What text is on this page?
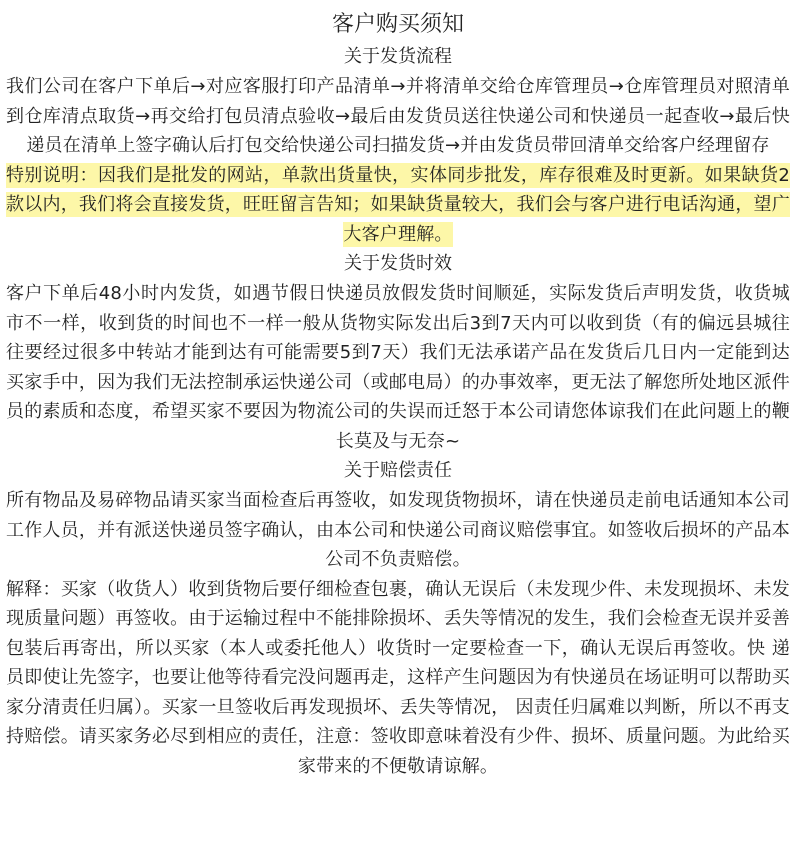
客户购买须知
关于发货流程

我们公司在客户下单后→对应客服打印产品清单→并将清单交给仓库管理员→仓库管理员对照清单到仓库清点取货→再交给打包员清点验收→最后由发货员送往快递公司和快递员一起查收→最后快递员在清单上签字确认后打包交给快递公司扫描发货→并由发货员带回清单交给客户经理留存

特别说明：因我们是批发的网站，单款出货量快，实体同步批发，库存很难及时更新。如果缺货2款以内，我们将会直接发货，旺旺留言告知；如果缺货量较大，我们会与客户进行电话沟通，望广大客户理解。

关于发货时效

客户下单后48小时内发货，如遇节假日快递员放假发货时间顺延，实际发货后声明发货，收货城市不一样，收到货的时间也不一样一般从货物实际发出后3到7天内可以收到货（有的偏远县城往往要经过很多中转站才能到达有可能需要5到7天）我们无法承诺产品在发货后几日内一定能到达买家手中，因为我们无法控制承运快递公司（或邮电局）的办事效率，更无法了解您所处地区派件员的素质和态度，希望买家不要因为物流公司的失误而迁怒于本公司请您体谅我们在此问题上的鞭长莫及与无奈~

关于赔偿责任

所有物品及易碎物品请买家当面检查后再签收，如发现货物损坏，请在快递员走前电话通知本公司工作人员，并有派送快递员签字确认，由本公司和快递公司商议赔偿事宜。如签收后损坏的产品本公司不负责赔偿。

解释：买家（收货人）收到货物后要仔细检查包裹，确认无误后（未发现少件、未发现损坏、未发现质量问题）再签收。由于运输过程中不能排除损坏、丢失等情况的发生，我们会检查无误并妥善包装后再寄出，所以买家（本人或委托他人）收货时一定要检查一下，确认无误后再签收。快 递员即使让先签字，也要让他等待看完没问题再走，这样产生问题因为有快递员在场证明可以帮助买家分清责任归属）。买家一旦签收后再发现损坏、丢失等情况， 因责任归属难以判断，所以不再支持赔偿。请买家务必尽到相应的责任，注意：签收即意味着没有少件、损坏、质量问题。为此给买家带来的不便敬请谅解。
